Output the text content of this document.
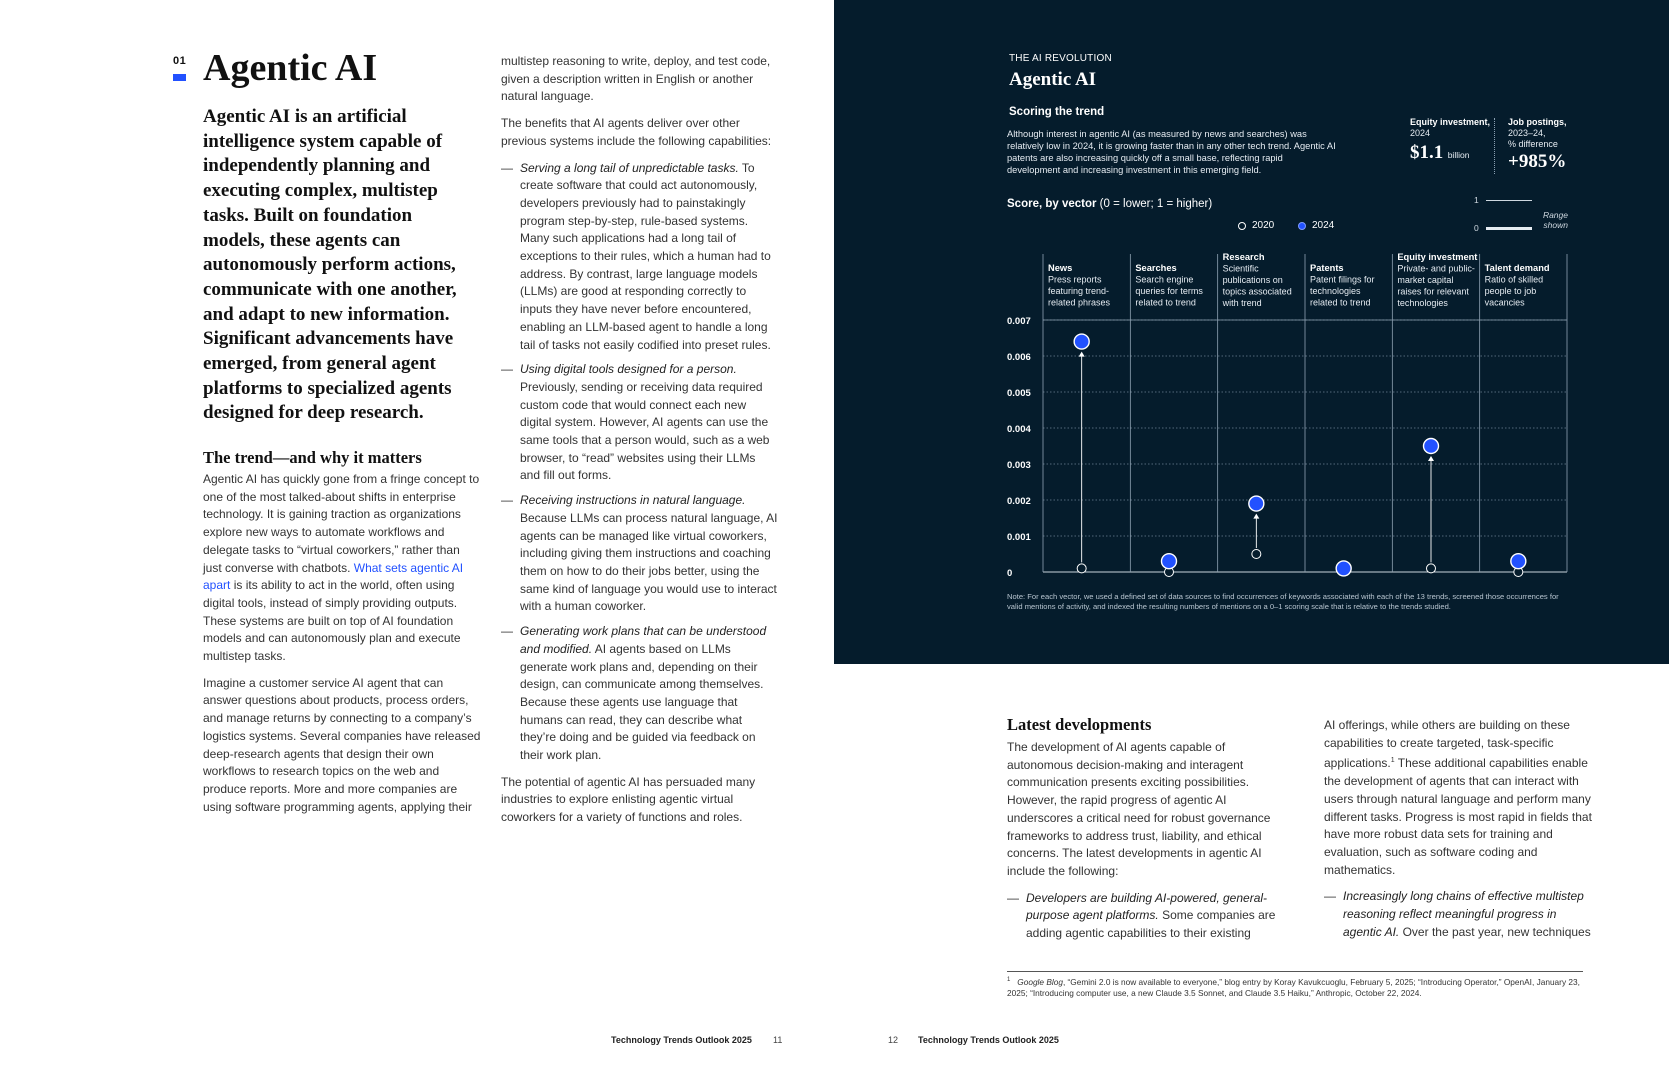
01 Agentic AI

Agentic AI is an artificial intelligence system capable of independently planning and executing complex, multistep tasks. Built on foundation models, these agents can autonomously perform actions, communicate with one another, and adapt to new information. Significant advancements have emerged, from general agent platforms to specialized agents designed for deep research.

The trend—and why it matters

Agentic AI has quickly gone from a fringe concept to one of the most talked-about shifts in enterprise technology. It is gaining traction as organizations explore new ways to automate workflows and delegate tasks to “virtual coworkers,” rather than just converse with chatbots. What sets agentic AI apart is its ability to act in the world, often using digital tools, instead of simply providing outputs. These systems are built on top of AI foundation models and can autonomously plan and execute multistep tasks.

Imagine a customer service AI agent that can answer questions about products, process orders, and manage returns by connecting to a company’s logistics systems. Several companies have released deep-research agents that design their own workflows to research topics on the web and produce reports. More and more companies are using software programming agents, applying their

multistep reasoning to write, deploy, and test code, given a description written in English or another natural language.

The benefits that AI agents deliver over other previous systems include the following capabilities:

— Serving a long tail of unpredictable tasks. To create software that could act autonomously, developers previously had to painstakingly program step-by-step, rule-based systems. Many such applications had a long tail of exceptions to their rules, which a human had to address. By contrast, large language models (LLMs) are good at responding correctly to inputs they have never before encountered, enabling an LLM-based agent to handle a long tail of tasks not easily codified into preset rules.
— Using digital tools designed for a person. Previously, sending or receiving data required custom code that would connect each new digital system. However, AI agents can use the same tools that a person would, such as a web browser, to “read” websites using their LLMs and fill out forms.
— Receiving instructions in natural language. Because LLMs can process natural language, AI agents can be managed like virtual coworkers, including giving them instructions and coaching them on how to do their jobs better, using the same kind of language you would use to interact with a human coworker.
— Generating work plans that can be understood and modified. AI agents based on LLMs generate work plans and, depending on their design, can communicate among themselves. Because these agents use language that humans can read, they can describe what they’re doing and be guided via feedback on their work plan.

The potential of agentic AI has persuaded many industries to explore enlisting agentic virtual coworkers for a variety of functions and roles.

Technology Trends Outlook 2025 11
THE AI REVOLUTION
Agentic AI
Scoring the trend
Although interest in agentic AI (as measured by news and searches) was relatively low in 2024, it is growing faster than in any other tech trend. Agentic AI patents are also increasing quickly off a small base, reflecting rapid development and increasing investment in this emerging field.
Equity investment,
2024
$1.1 billion
Job postings,
2023–24,
% difference
+985%
Score, by vector (0 = lower; 1 = higher)
2020	2024
1
0
Range
shown
0
0.001
0.002
0.003
0.004
0.005
0.006
0.007
News
Press reports
featuring trend-
related phrases
Searches
Search engine
queries for terms
related to trend
Research
Scientific
publications on
topics associated
with trend
Patents
Patent filings for
technologies
related to trend
Equity investment
Private- and public-
market capital
raises for relevant
technologies
Talent demand
Ratio of skilled
people to job
vacancies
Note: For each vector, we used a defined set of data sources to find occurrences of keywords associated with each of the 13 trends, screened those occurrences for valid mentions of activity, and indexed the resulting numbers of mentions on a 0–1 scoring scale that is relative to the trends studied.
Latest developments

The development of AI agents capable of autonomous decision-making and interagent communication presents exciting possibilities. However, the rapid progress of agentic AI underscores a critical need for robust governance frameworks to address trust, liability, and ethical concerns. The latest developments in agentic AI include the following:

— Developers are building AI-powered, general-purpose agent platforms. Some companies are adding agentic capabilities to their existing

AI offerings, while others are building on these capabilities to create targeted, task-specific applications.$^1$ These additional capabilities enable the development of agents that can interact with users through natural language and perform many different tasks. Progress is most rapid in fields that have more robust data sets for training and evaluation, such as software coding and mathematics.

— Increasingly long chains of effective multistep reasoning reflect meaningful progress in agentic AI. Over the past year, new techniques
$^1$ Google Blog, “Gemini 2.0 is now available to everyone,” blog entry by Koray Kavukcuoglu, February 5, 2025; “Introducing Operator,” OpenAI, January 23, 2025; “Introducing computer use, a new Claude 3.5 Sonnet, and Claude 3.5 Haiku,” Anthropic, October 22, 2024.
12 Technology Trends Outlook 2025
